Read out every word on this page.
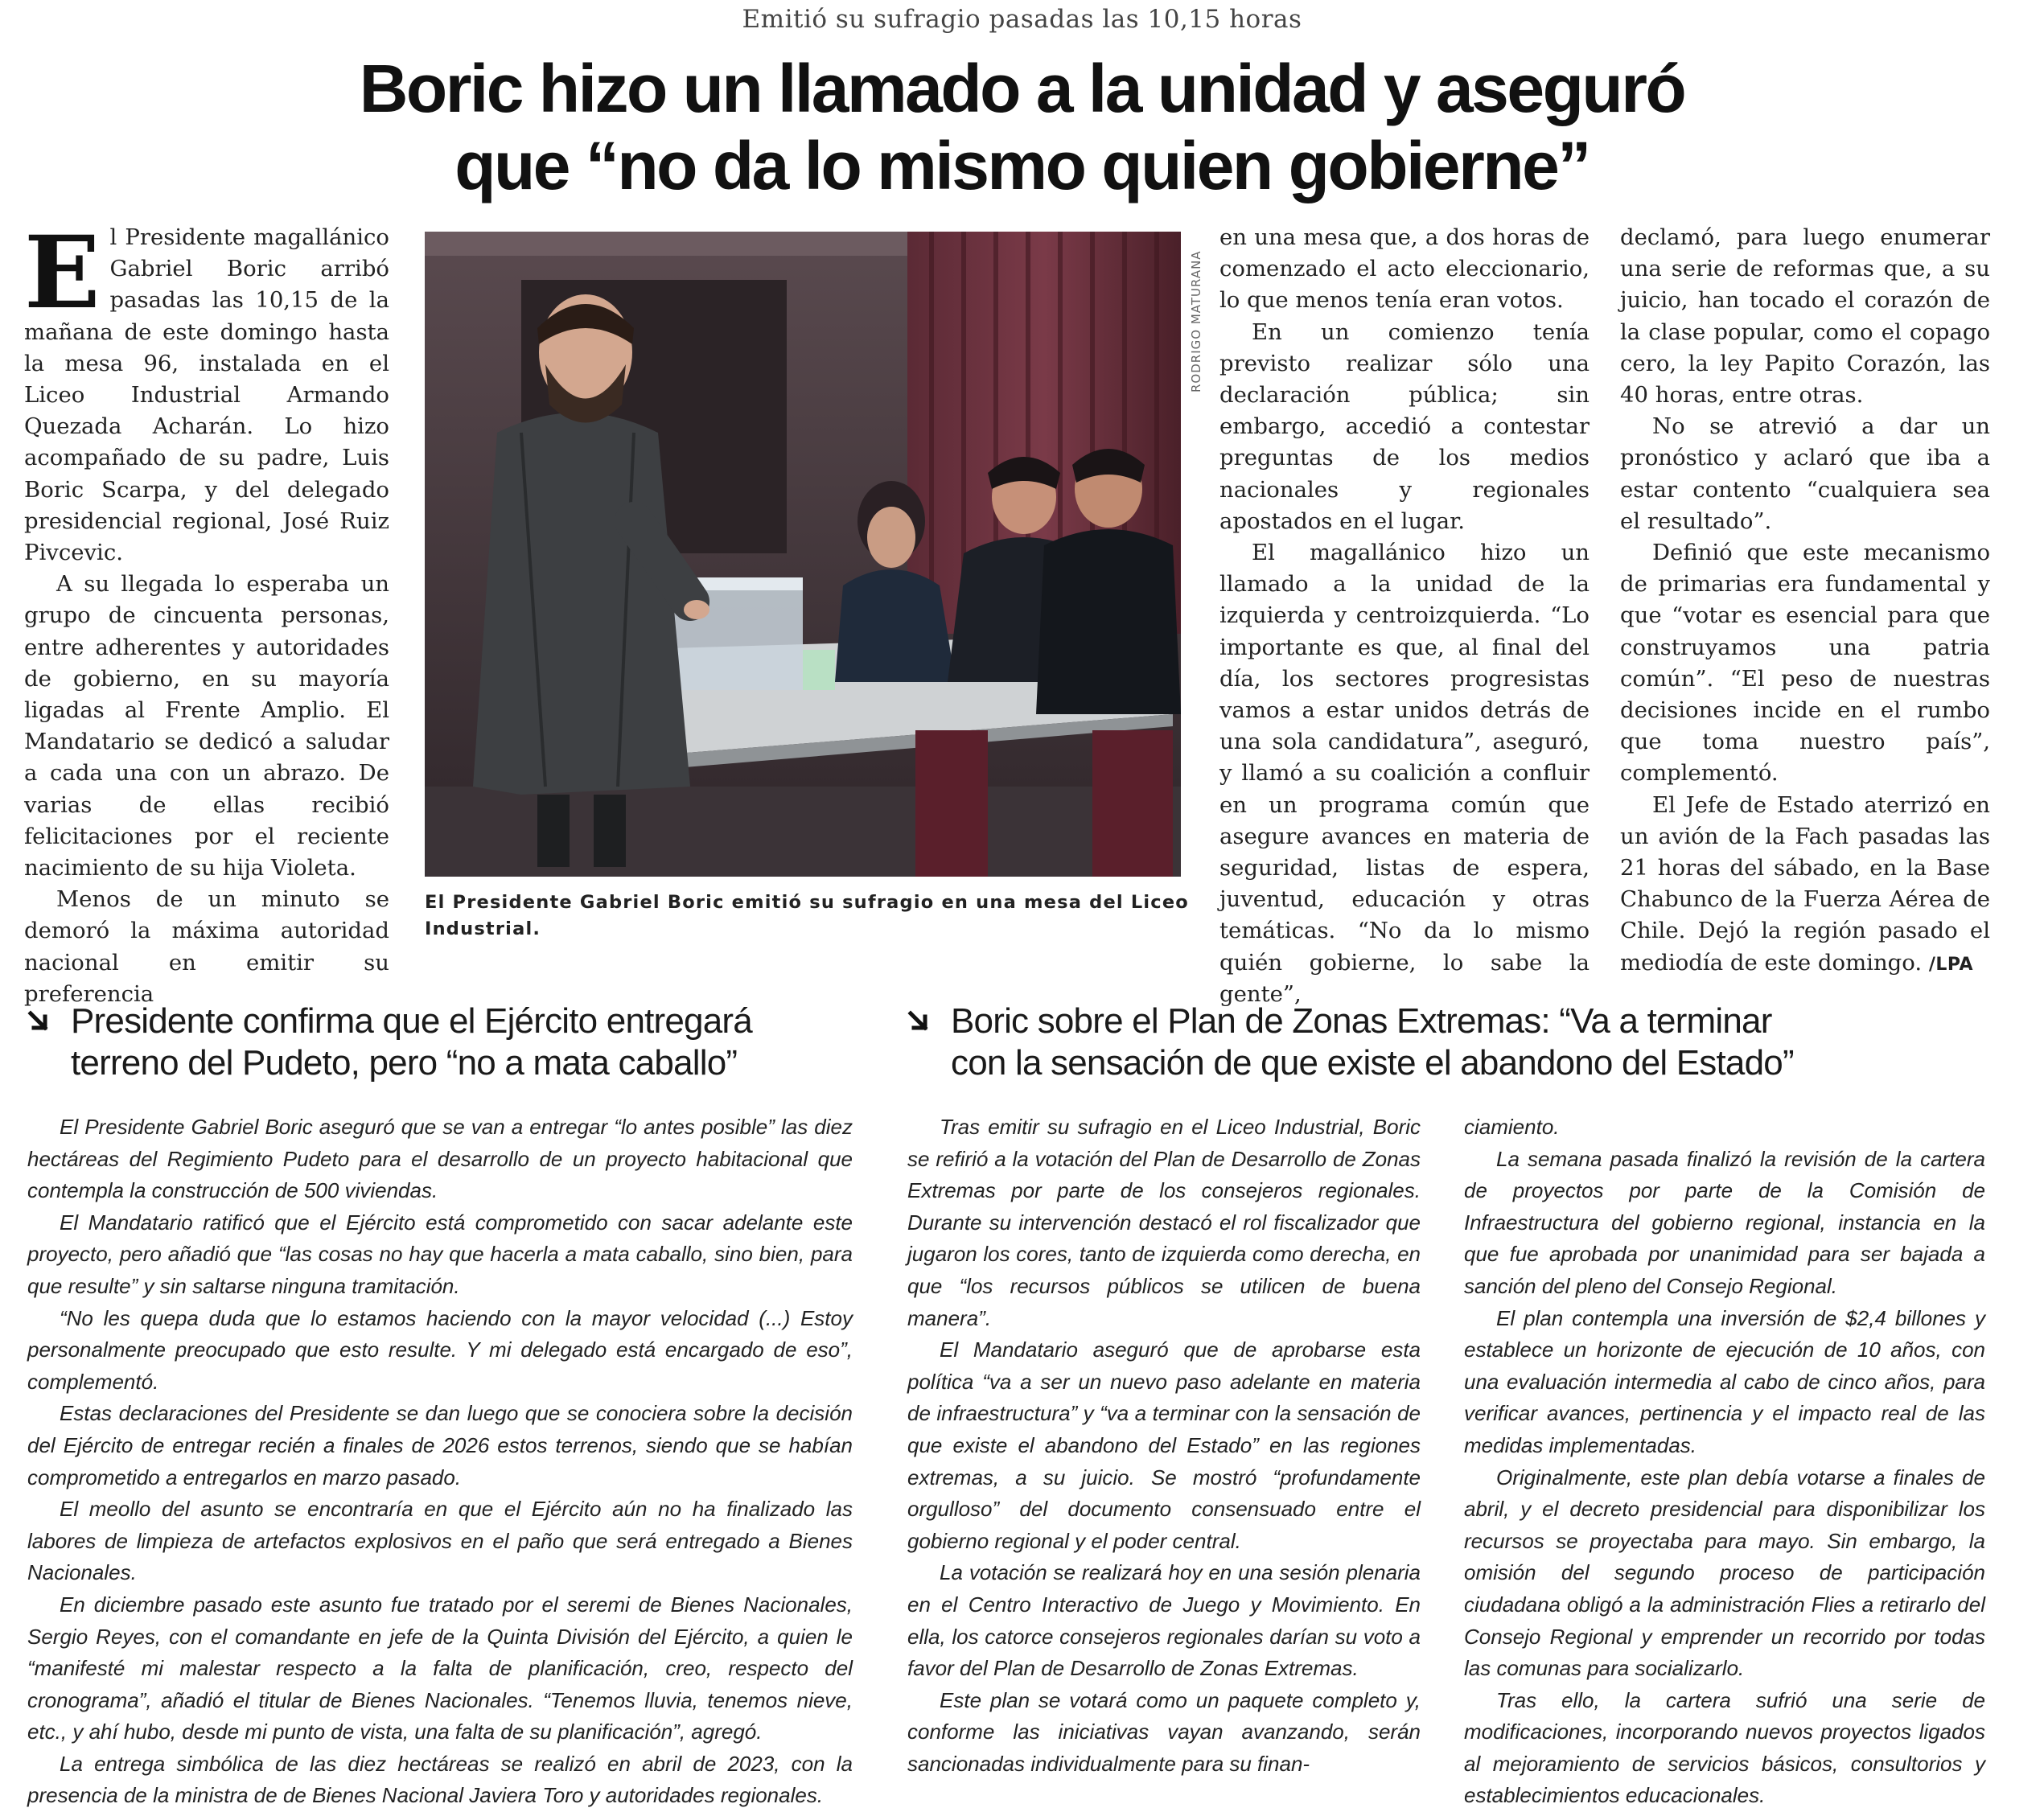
Emitió su sufragio pasadas las 10,15 horas
Boric hizo un llamado a la unidad y aseguró
que “no da lo mismo quien gobierne”

El Presidente magallánico Gabriel Boric arribó pasadas las 10,15 de la mañana de este domingo hasta la mesa 96, instalada en el Liceo Industrial Armando Quezada Acharán. Lo hizo acompañado de su padre, Luis Boric Scarpa, y del delegado presidencial regional, José Ruiz Pivcevic.

A su llegada lo esperaba un grupo de cincuenta personas, entre adherentes y autoridades de gobierno, en su mayoría ligadas al Frente Amplio. El Mandatario se dedicó a saludar a cada una con un abrazo. De varias de ellas recibió felicitaciones por el reciente nacimiento de su hija Violeta.

Menos de un minuto se demoró la máxima autoridad nacional en emitir su preferencia

RODRIGO MATURANA
El Presidente Gabriel Boric emitió su sufragio en una mesa del Liceo Industrial.

en una mesa que, a dos horas de comenzado el acto eleccionario, lo que menos tenía eran votos.

En un comienzo tenía previsto realizar sólo una declaración pública; sin embargo, accedió a contestar preguntas de los medios nacionales y regionales apostados en el lugar.

El magallánico hizo un llamado a la unidad de la izquierda y centroizquierda. “Lo importante es que, al final del día, los sectores progresistas vamos a estar unidos detrás de una sola candidatura”, aseguró, y llamó a su coalición a confluir en un programa común que asegure avances en materia de seguridad, listas de espera, juventud, educación y otras temáticas. “No da lo mismo quién gobierne, lo sabe la gente”,

declamó, para luego enumerar una serie de reformas que, a su juicio, han tocado el corazón de la clase popular, como el copago cero, la ley Papito Corazón, las 40 horas, entre otras.

No se atrevió a dar un pronóstico y aclaró que iba a estar contento “cualquiera sea el resultado”.

Definió que este mecanismo de primarias era fundamental y que “votar es esencial para que construyamos una patria común”. “El peso de nuestras decisiones incide en el rumbo que toma nuestro país”, complementó.

El Jefe de Estado aterrizó en un avión de la Fach pasadas las 21 horas del sábado, en la Base Chabunco de la Fuerza Aérea de Chile. Dejó la región pasado el mediodía de este domingo. /LPA

Presidente confirma que el Ejército entregará
terreno del Pudeto, pero “no a mata caballo”

El Presidente Gabriel Boric aseguró que se van a entregar “lo antes posible” las diez hectáreas del Regimiento Pudeto para el desarrollo de un proyecto habitacional que contempla la construcción de 500 viviendas.

El Mandatario ratificó que el Ejército está comprometido con sacar adelante este proyecto, pero añadió que “las cosas no hay que hacerla a mata caballo, sino bien, para que resulte” y sin saltarse ninguna tramitación.

“No les quepa duda que lo estamos haciendo con la mayor velocidad (...) Estoy personalmente preocupado que esto resulte. Y mi delegado está encargado de eso”, complementó.

Estas declaraciones del Presidente se dan luego que se conociera sobre la decisión del Ejército de entregar recién a finales de 2026 estos terrenos, siendo que se habían comprometido a entregarlos en marzo pasado.

El meollo del asunto se encontraría en que el Ejército aún no ha finalizado las labores de limpieza de artefactos explosivos en el paño que será entregado a Bienes Nacionales.

En diciembre pasado este asunto fue tratado por el seremi de Bienes Nacionales, Sergio Reyes, con el comandante en jefe de la Quinta División del Ejército, a quien le “manifesté mi malestar respecto a la falta de planificación, creo, respecto del cronograma”, añadió el titular de Bienes Nacionales. “Tenemos lluvia, tenemos nieve, etc., y ahí hubo, desde mi punto de vista, una falta de su planificación”, agregó.

La entrega simbólica de las diez hectáreas se realizó en abril de 2023, con la presencia de la ministra de de Bienes Nacional Javiera Toro y autoridades regionales.

Boric sobre el Plan de Zonas Extremas: “Va a terminar
con la sensación de que existe el abandono del Estado”

Tras emitir su sufragio en el Liceo Industrial, Boric se refirió a la votación del Plan de Desarrollo de Zonas Extremas por parte de los consejeros regionales. Durante su intervención destacó el rol fiscalizador que jugaron los cores, tanto de izquierda como derecha, en que “los recursos públicos se utilicen de buena manera”.

El Mandatario aseguró que de aprobarse esta política “va a ser un nuevo paso adelante en materia de infraestructura” y “va a terminar con la sensación de que existe el abandono del Estado” en las regiones extremas, a su juicio. Se mostró “profundamente orgulloso” del documento consensuado entre el gobierno regional y el poder central.

La votación se realizará hoy en una sesión plenaria en el Centro Interactivo de Juego y Movimiento. En ella, los catorce consejeros regionales darían su voto a favor del Plan de Desarrollo de Zonas Extremas.

Este plan se votará como un paquete completo y, conforme las iniciativas vayan avanzando, serán sancionadas individualmente para su finan-

ciamiento.

La semana pasada finalizó la revisión de la cartera de proyectos por parte de la Comisión de Infraestructura del gobierno regional, instancia en la que fue aprobada por unanimidad para ser bajada a sanción del pleno del Consejo Regional.

El plan contempla una inversión de $2,4 billones y establece un horizonte de ejecución de 10 años, con una evaluación intermedia al cabo de cinco años, para verificar avances, pertinencia y el impacto real de las medidas implementadas.

Originalmente, este plan debía votarse a finales de abril, y el decreto presidencial para disponibilizar los recursos se proyectaba para mayo. Sin embargo, la omisión del segundo proceso de participación ciudadana obligó a la administración Flies a retirarlo del Consejo Regional y emprender un recorrido por todas las comunas para socializarlo.

Tras ello, la cartera sufrió una serie de modificaciones, incorporando nuevos proyectos ligados al mejoramiento de servicios básicos, consultorios y establecimientos educacionales.
